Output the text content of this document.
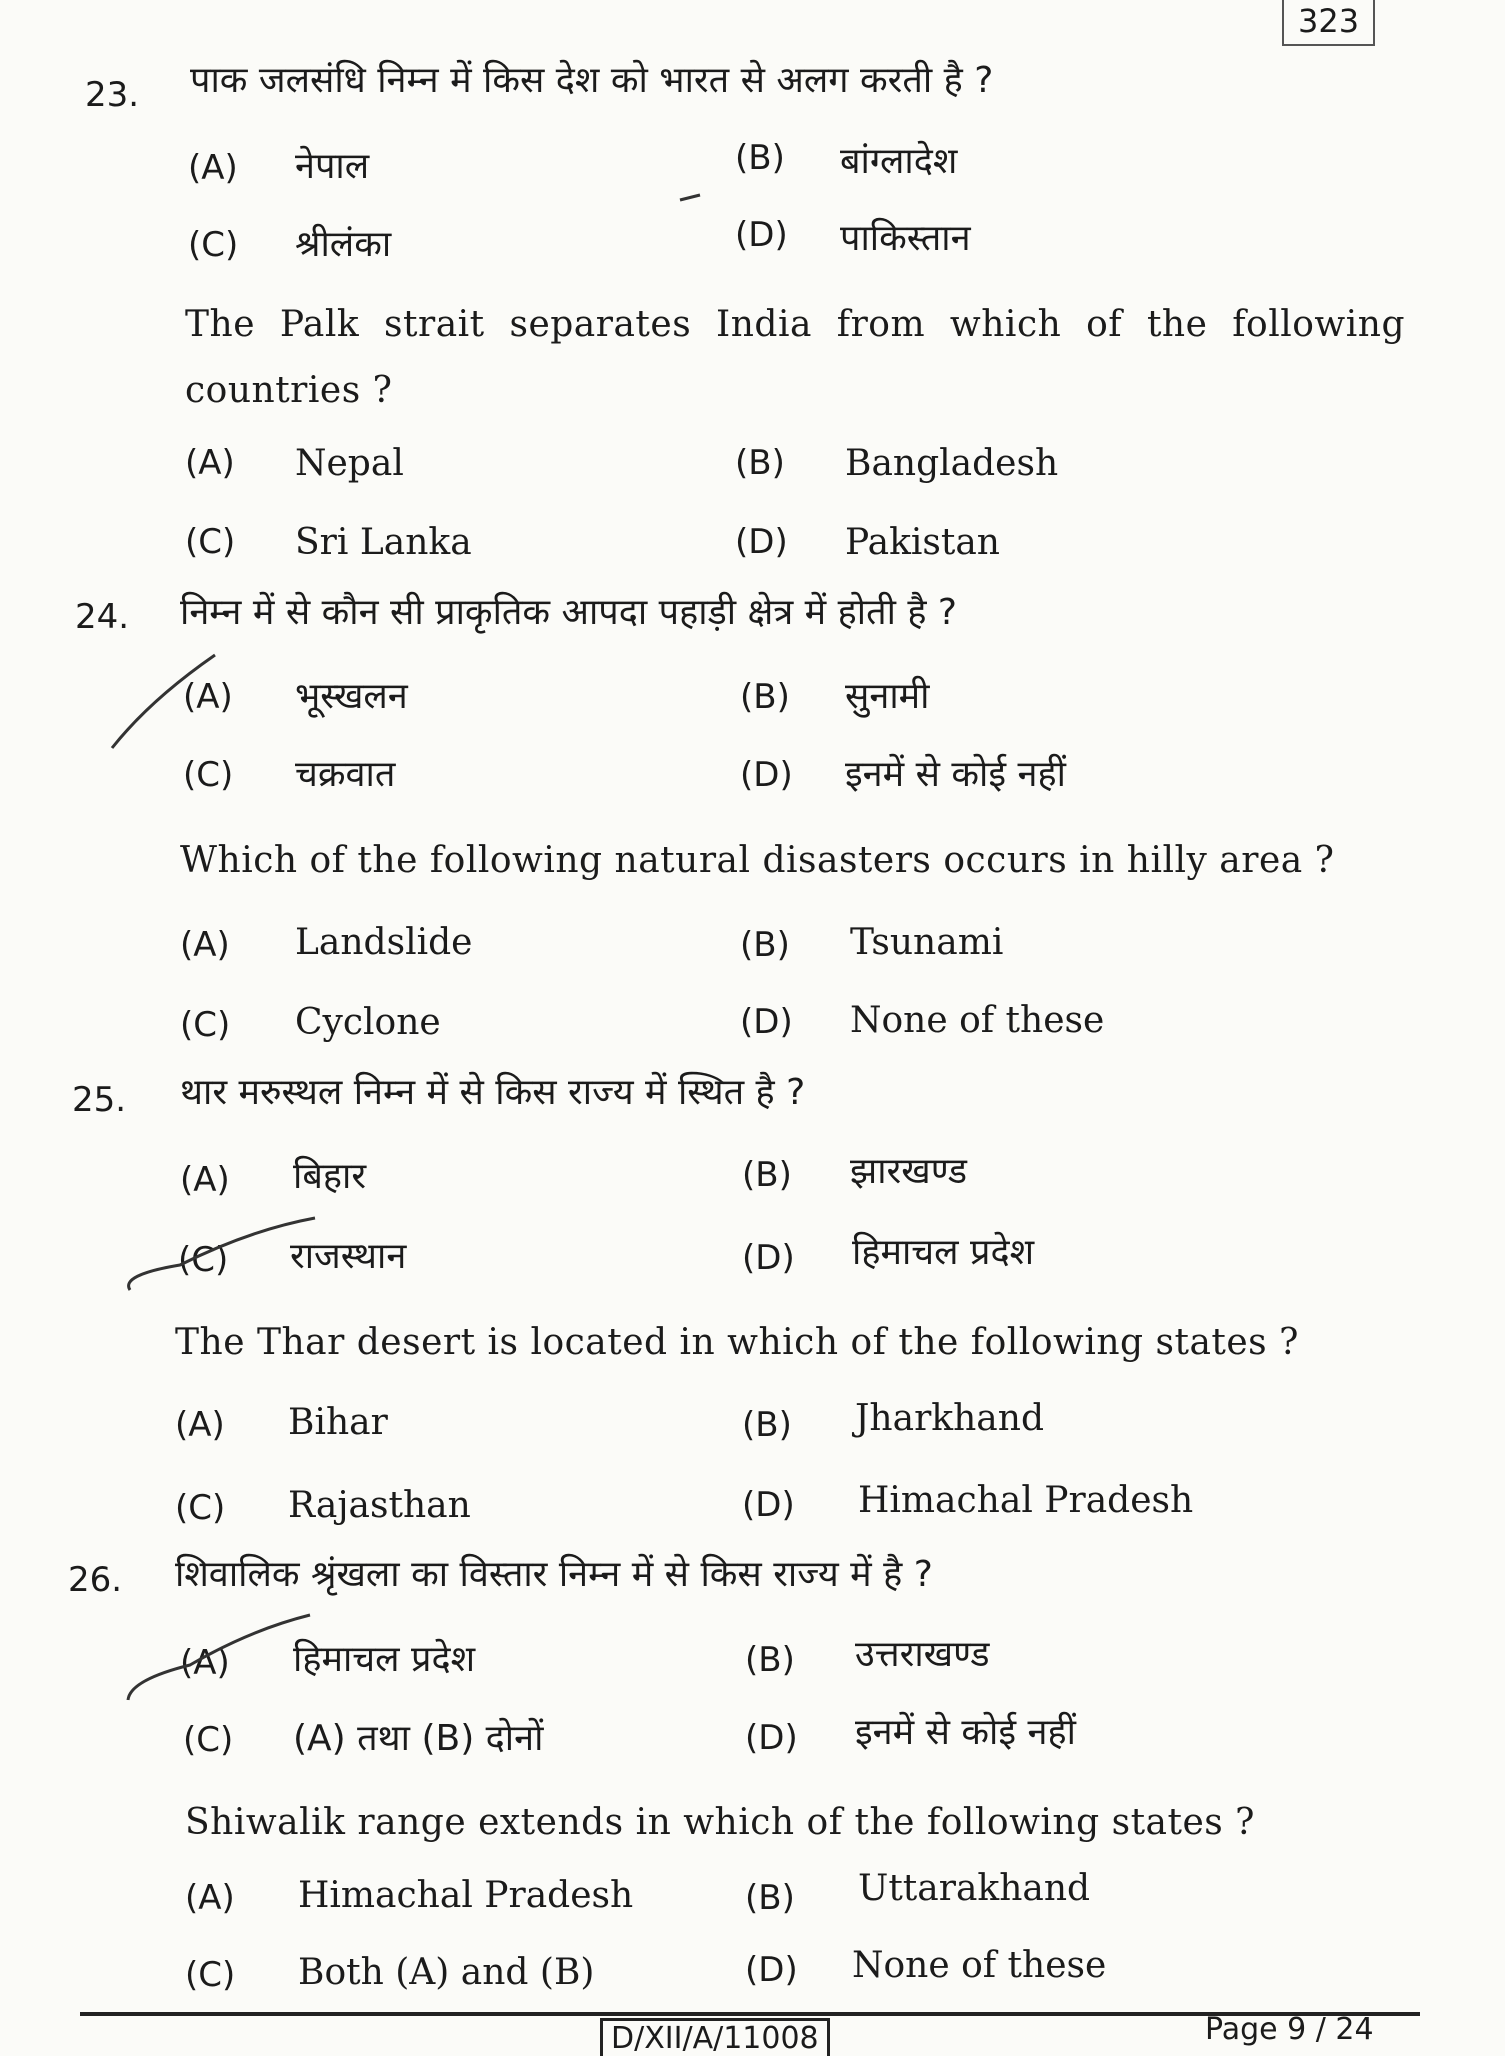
323
23. पाक जलसंधि निम्न में किस देश को भारत से अलग करती है ?
(A) नेपाल	(B) बांग्लादेश
(C) श्रीलंका	(D) पाकिस्तान
The Palk strait separates India from which of the following countries ?
(A) Nepal	(B) Bangladesh
(C) Sri Lanka	(D) Pakistan
24. निम्न में से कौन सी प्राकृतिक आपदा पहाड़ी क्षेत्र में होती है ?
(A) भूस्खलन	(B) सुनामी
(C) चक्रवात	(D) इनमें से कोई नहीं
Which of the following natural disasters occurs in hilly area ?
(A) Landslide	(B) Tsunami
(C) Cyclone	(D) None of these
25. थार मरुस्थल निम्न में से किस राज्य में स्थित है ?
(A) बिहार	(B) झारखण्ड
(C) राजस्थान	(D) हिमाचल प्रदेश
The Thar desert is located in which of the following states ?
(A) Bihar	(B) Jharkhand
(C) Rajasthan	(D) Himachal Pradesh
26. शिवालिक श्रृंखला का विस्तार निम्न में से किस राज्य में है ?
(A) हिमाचल प्रदेश	(B) उत्तराखण्ड
(C) (A) तथा (B) दोनों	(D) इनमें से कोई नहीं
Shiwalik range extends in which of the following states ?
(A) Himachal Pradesh	(B) Uttarakhand
(C) Both (A) and (B)	(D) None of these
D/XII/A/11008	Page 9 / 24
